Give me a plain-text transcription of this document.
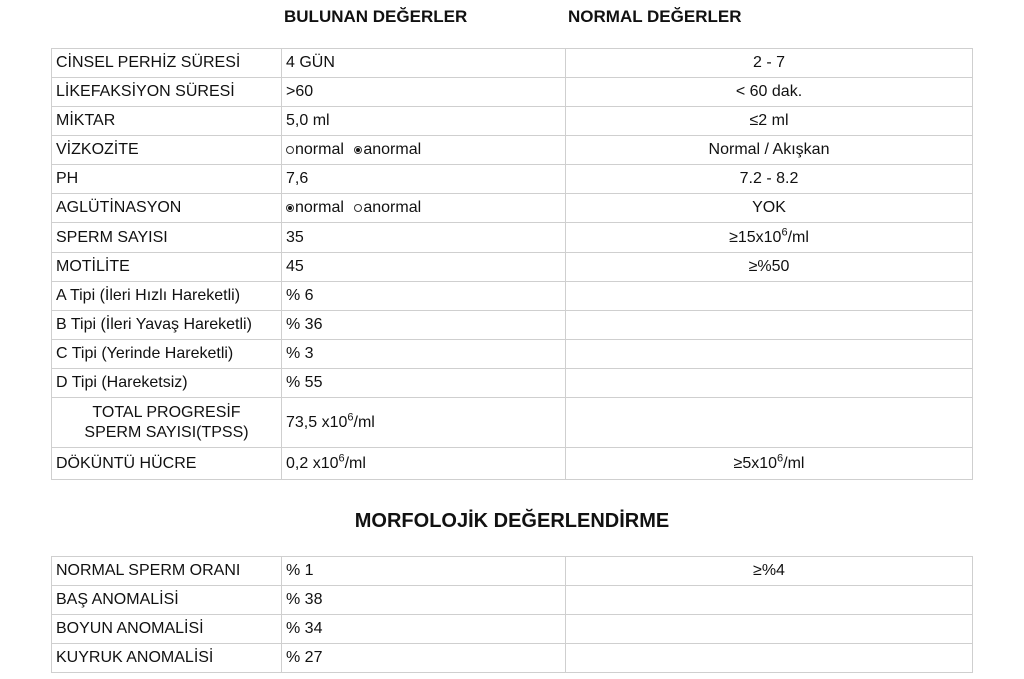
BULUNAN DEĞERLER	NORMAL DEĞERLER
CİNSEL PERHİZ SÜRESİ	4 GÜN	2 - 7
LİKEFAKSİYON SÜRESİ	>60	< 60 dak.
MİKTAR	5,0 ml	≤2 ml
VİZKOZİTE	normal anormal	Normal / Akışkan
PH	7,6	7.2 - 8.2
AGLÜTİNASYON	normal anormal	YOK
SPERM SAYISI	35	$\ge 15x10^6/ml$
MOTİLİTE	45	≥%50
A Tipi (İleri Hızlı Hareketli)	% 6	
B Tipi (İleri Yavaş Hareketli)	% 36	
C Tipi (Yerinde Hareketli)	% 3	
D Tipi (Hareketsiz)	% 55	

TOTAL PROGRESİF
SPERM SAYISI(TPSS)	73,5 $x10^6/ml$	
DÖKÜNTÜ HÜCRE	0,2 $x10^6/ml$	$\ge 5x10^6/ml$
MORFOLOJİK DEĞERLENDİRME
NORMAL SPERM ORANI	% 1	≥%4
BAŞ ANOMALİSİ	% 38	
BOYUN ANOMALİSİ	% 34	
KUYRUK ANOMALİSİ	% 27	
